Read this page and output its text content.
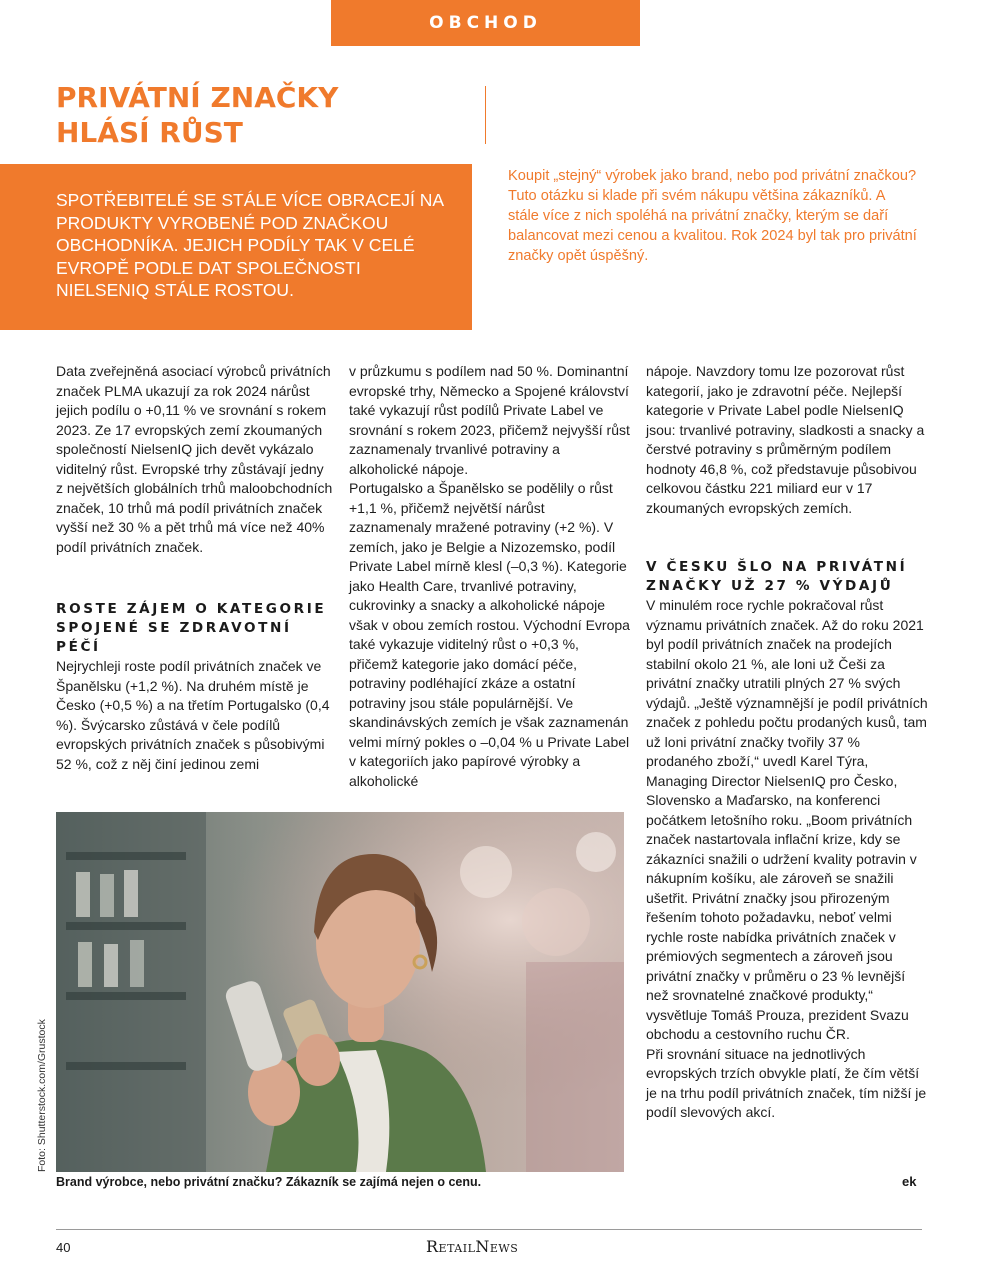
OBCHOD
PRIVÁTNÍ ZNAČKY
HLÁSÍ RŮST

SPOTŘEBITELÉ SE STÁLE VÍCE OBRACEJÍ NA PRODUKTY VYROBENÉ POD ZNAČKOU OBCHODNÍKA. JEJICH PODÍLY TAK V CELÉ EVROPĚ PODLE DAT SPOLEČNOSTI NIELSENIQ STÁLE ROSTOU.

Koupit „stejný“ výrobek jako brand, nebo pod privátní značkou? Tuto otázku si klade při svém nákupu většina zákazníků. A stále více z nich spoléhá na privátní značky, kterým se daří balancovat mezi cenou a kvalitou. Rok 2024 byl tak pro privátní značky opět úspěšný.

Data zveřejněná asociací výrobců privátních značek PLMA ukazují za rok 2024 nárůst jejich podílu o +0,11 % ve srovnání s rokem 2023. Ze 17 evropských zemí zkoumaných společností NielsenIQ jich devět vykázalo viditelný růst. Evropské trhy zůstávají jedny z největších globálních trhů maloobchodních značek, 10 trhů má podíl privátních značek vyšší než 30 % a pět trhů má více než 40% podíl privátních značek.

ROSTE ZÁJEM O KATEGORIE SPOJENÉ SE ZDRAVOTNÍ PÉČÍ

Nejrychleji roste podíl privátních značek ve Španělsku (+1,2 %). Na druhém místě je Česko (+0,5 %) a na třetím Portugalsko (0,4 %). Švýcarsko zůstává v čele podílů evropských privátních značek s působivými 52 %, což z něj činí jedinou zemi

v průzkumu s podílem nad 50 %. Dominantní evropské trhy, Německo a Spojené království také vykazují růst podílů Private Label ve srovnání s rokem 2023, přičemž nejvyšší růst zaznamenaly trvanlivé potraviny a alkoholické nápoje.

Portugalsko a Španělsko se podělily o růst +1,1 %, přičemž největší nárůst zaznamenaly mražené potraviny (+2 %). V zemích, jako je Belgie a Nizozemsko, podíl Private Label mírně klesl (–0,3 %). Kategorie jako Health Care, trvanlivé potraviny, cukrovinky a snacky a alkoholické nápoje však v obou zemích rostou. Východní Evropa také vykazuje viditelný růst o +0,3 %, přičemž kategorie jako domácí péče, potraviny podléhající zkáze a ostatní potraviny jsou stále populárnější. Ve skandinávských zemích je však zaznamenán velmi mírný pokles o –0,04 % u Private Label v kategoriích jako papírové výrobky a alkoholické

nápoje. Navzdory tomu lze pozorovat růst kategorií, jako je zdravotní péče. Nejlepší kategorie v Private Label podle NielsenIQ jsou: trvanlivé potraviny, sladkosti a snacky a čerstvé potraviny s průměrným podílem hodnoty 46,8 %, což představuje působivou celkovou částku 221 miliard eur v 17 zkoumaných evropských zemích.

V ČESKU ŠLO NA PRIVÁTNÍ ZNAČKY UŽ 27 % VÝDAJŮ

V minulém roce rychle pokračoval růst významu privátních značek. Až do roku 2021 byl podíl privátních značek na prodejích stabilní okolo 21 %, ale loni už Češi za privátní značky utratili plných 27 % svých výdajů. „Ještě významnější je podíl privátních značek z pohledu počtu prodaných kusů, tam už loni privátní značky tvořily 37 % prodaného zboží,“ uvedl Karel Týra, Managing Director NielsenIQ pro Česko, Slovensko a Maďarsko, na konferenci počátkem letošního roku. „Boom privátních značek nastartovala inflační krize, kdy se zákazníci snažili o udržení kvality potravin v nákupním košíku, ale zároveň se snažili ušetřit. Privátní značky jsou přirozeným řešením tohoto požadavku, neboť velmi rychle roste nabídka privátních značek v prémiových segmentech a zároveň jsou privátní značky v průměru o 23 % levnější než srovnatelné značkové produkty,“ vysvětluje Tomáš Prouza, prezident Svazu obchodu a cestovního ruchu ČR.

Při srovnání situace na jednotlivých evropských trzích obvykle platí, že čím větší je na trhu podíl privátních značek, tím nižší je podíl slevových akcí.

Foto: Shutterstock.com/Grustock

Brand výrobce, nebo privátní značku? Zákazník se zajímá nejen o cenu.	ek

40	RetailNews
